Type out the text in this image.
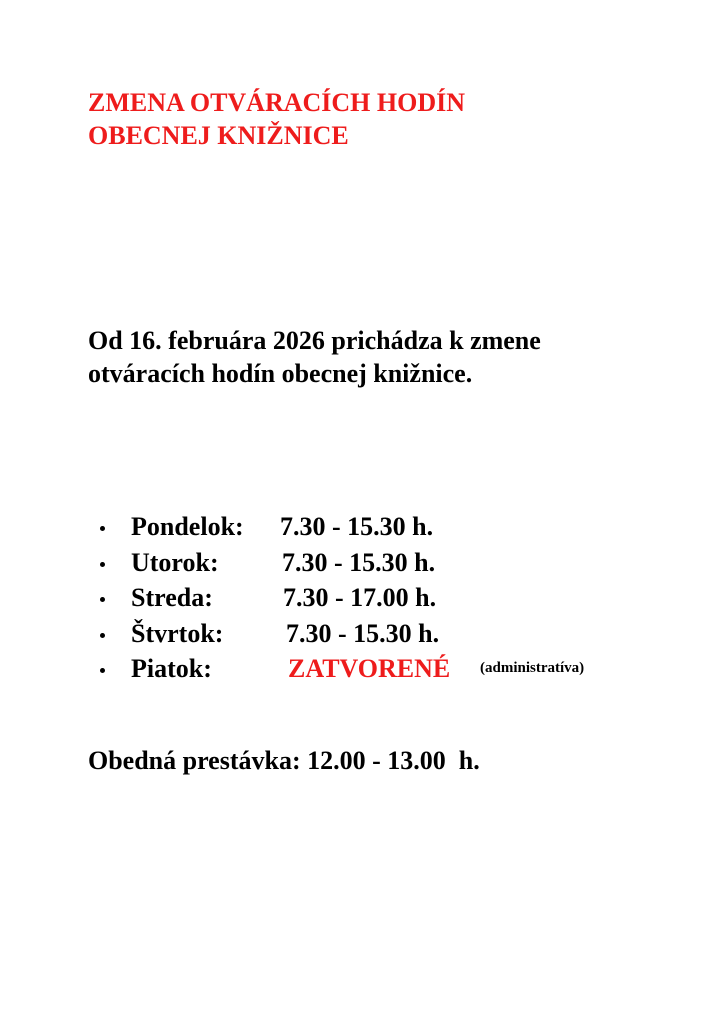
ZMENA OTVÁRACÍCH HODÍN
OBECNEJ KNIŽNICE
Od 16. februára 2026 prichádza k zmene
otváracích hodín obecnej knižnice.
Pondelok: 7.30 - 15.30 h.
Utorok: 7.30 - 15.30 h.
Streda:	7.30 - 17.00 h.
Štvrtok: 7.30 - 15.30 h.
Piatok:	ZATVORENÉ (administratíva)
Obedná prestávka: 12.00 - 13.00  h.
